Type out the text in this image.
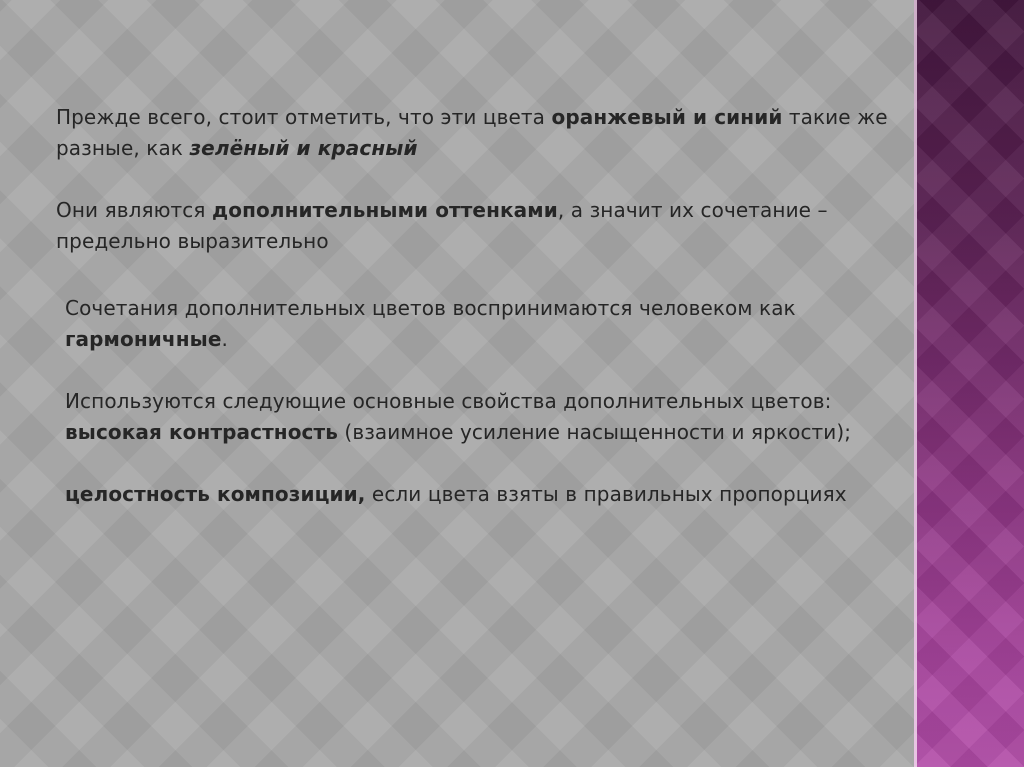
Прежде всего, стоит отметить, что эти цвета оранжевый и синий такие же
разные, как зелёный и красный
Они являются дополнительными оттенками, а значит их сочетание –
предельно выразительно
Сочетания дополнительных цветов воспринимаются человеком как
гармоничные.
Используются следующие основные свойства дополнительных цветов:
высокая контрастность (взаимное усиление насыщенности и яркости);
целостность композиции, если цвета взяты в правильных пропорциях
